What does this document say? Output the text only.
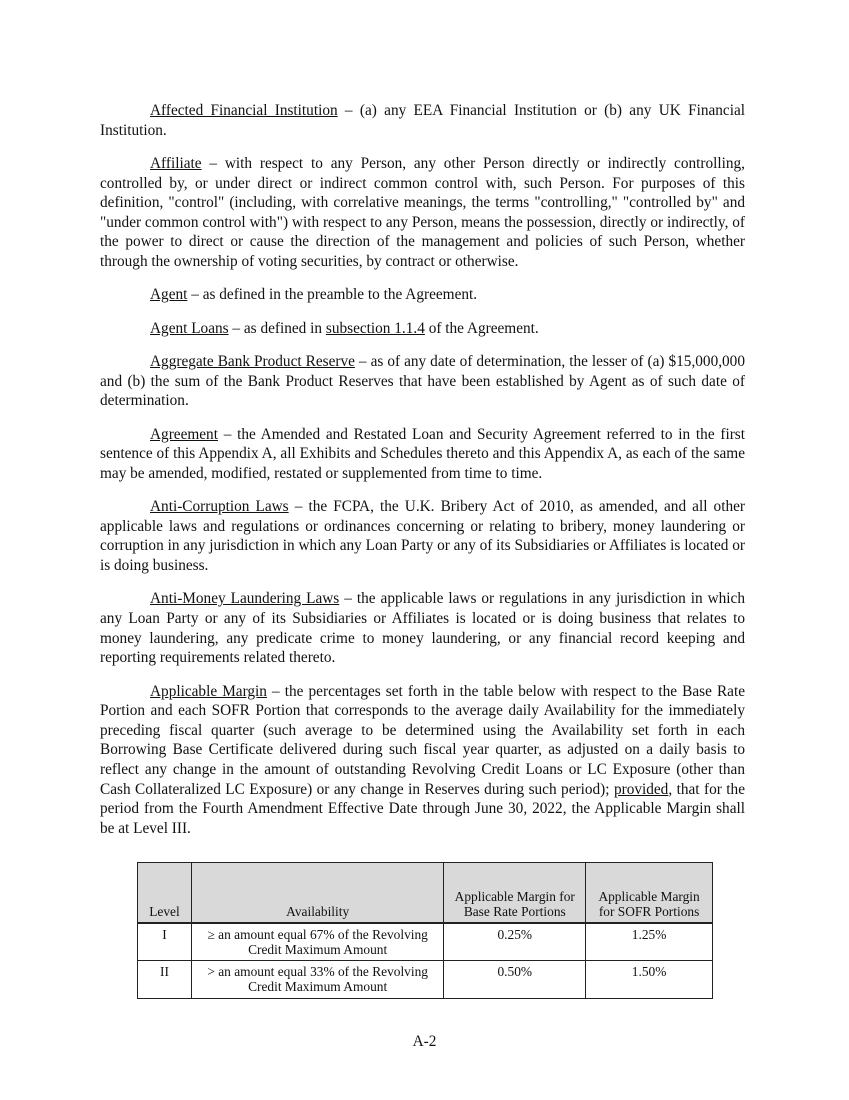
Affected Financial Institution – (a) any EEA Financial Institution or (b) any UK Financial Institution.

Affiliate – with respect to any Person, any other Person directly or indirectly controlling, controlled by, or under direct or indirect common control with, such Person. For purposes of this definition, "control" (including, with correlative meanings, the terms "controlling," "controlled by" and "under common control with") with respect to any Person, means the possession, directly or indirectly, of the power to direct or cause the direction of the management and policies of such Person, whether through the ownership of voting securities, by contract or otherwise.

Agent – as defined in the preamble to the Agreement.

Agent Loans – as defined in subsection 1.1.4 of the Agreement.

Aggregate Bank Product Reserve – as of any date of determination, the lesser of (a) $15,000,000 and (b) the sum of the Bank Product Reserves that have been established by Agent as of such date of determination.

Agreement – the Amended and Restated Loan and Security Agreement referred to in the first sentence of this Appendix A, all Exhibits and Schedules thereto and this Appendix A, as each of the same may be amended, modified, restated or supplemented from time to time.

Anti-Corruption Laws – the FCPA, the U.K. Bribery Act of 2010, as amended, and all other applicable laws and regulations or ordinances concerning or relating to bribery, money laundering or corruption in any jurisdiction in which any Loan Party or any of its Subsidiaries or Affiliates is located or is doing business.

Anti-Money Laundering Laws – the applicable laws or regulations in any jurisdiction in which any Loan Party or any of its Subsidiaries or Affiliates is located or is doing business that relates to money laundering, any predicate crime to money laundering, or any financial record keeping and reporting requirements related thereto.

Applicable Margin – the percentages set forth in the table below with respect to the Base Rate Portion and each SOFR Portion that corresponds to the average daily Availability for the immediately preceding fiscal quarter (such average to be determined using the Availability set forth in each Borrowing Base Certificate delivered during such fiscal year quarter, as adjusted on a daily basis to reflect any change in the amount of outstanding Revolving Credit Loans or LC Exposure (other than Cash Collateralized LC Exposure) or any change in Reserves during such period); provided, that for the period from the Fourth Amendment Effective Date through June 30, 2022, the Applicable Margin shall be at Level III.

Level	Availability	Applicable Margin for Base Rate Portions	Applicable Margin for SOFR Portions
I	≥ an amount equal 67% of the Revolving Credit Maximum Amount	0.25%	1.25%
II	> an amount equal 33% of the Revolving Credit Maximum Amount	0.50%	1.50%
A-2
